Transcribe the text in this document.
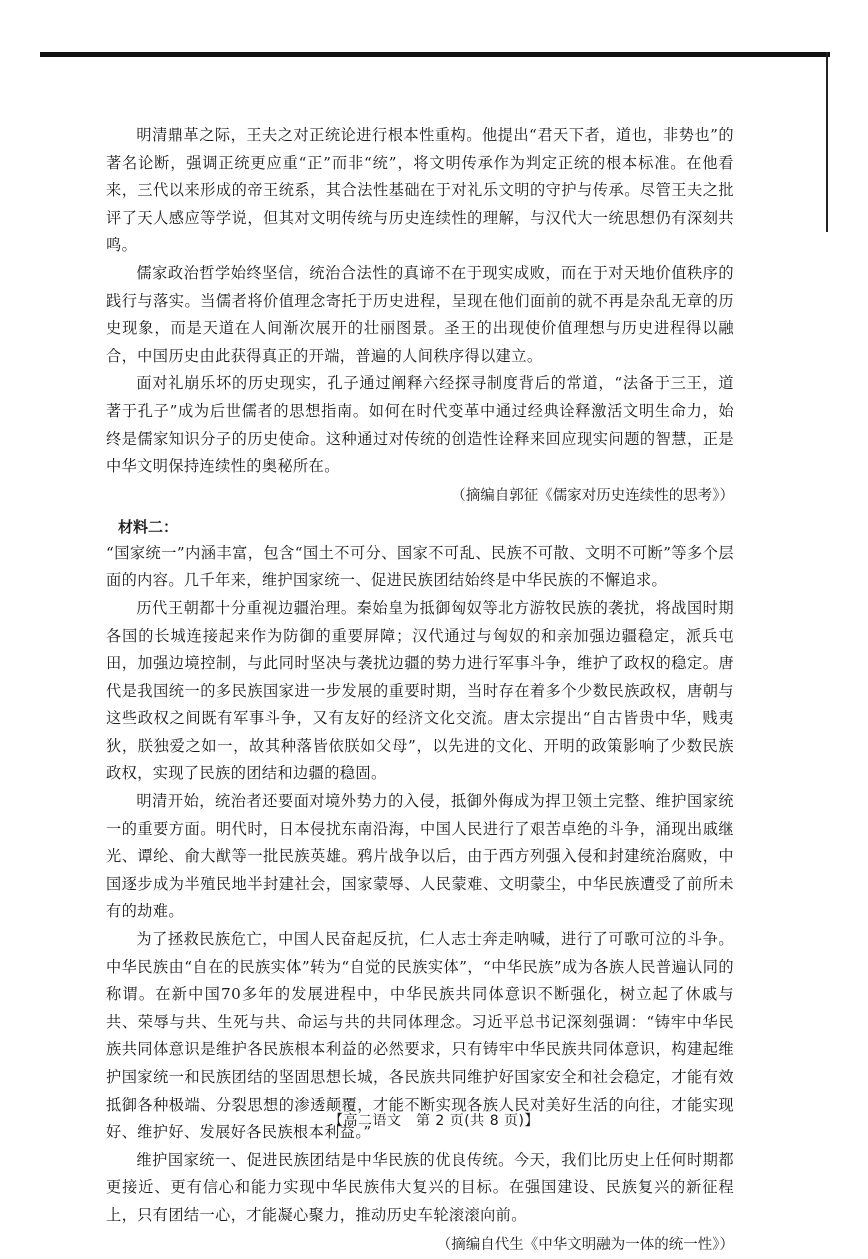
明清鼎革之际，王夫之对正统论进行根本性重构。他提出“君天下者，道也，非势也”的著名论断，强调正统更应重“正”而非“统”，将文明传承作为判定正统的根本标准。在他看来，三代以来形成的帝王统系，其合法性基础在于对礼乐文明的守护与传承。尽管王夫之批评了天人感应等学说，但其对文明传统与历史连续性的理解，与汉代大一统思想仍有深刻共鸣。

儒家政治哲学始终坚信，统治合法性的真谛不在于现实成败，而在于对天地价值秩序的践行与落实。当儒者将价值理念寄托于历史进程，呈现在他们面前的就不再是杂乱无章的历史现象，而是天道在人间渐次展开的壮丽图景。圣王的出现使价值理想与历史进程得以融合，中国历史由此获得真正的开端，普遍的人间秩序得以建立。

面对礼崩乐坏的历史现实，孔子通过阐释六经探寻制度背后的常道，“法备于三王，道著于孔子”成为后世儒者的思想指南。如何在时代变革中通过经典诠释激活文明生命力，始终是儒家知识分子的历史使命。这种通过对传统的创造性诠释来回应现实问题的智慧，正是中华文明保持连续性的奥秘所在。

（摘编自郭征《儒家对历史连续性的思考》）
材料二：

“国家统一”内涵丰富，包含“国土不可分、国家不可乱、民族不可散、文明不可断”等多个层面的内容。几千年来，维护国家统一、促进民族团结始终是中华民族的不懈追求。

历代王朝都十分重视边疆治理。秦始皇为抵御匈奴等北方游牧民族的袭扰，将战国时期各国的长城连接起来作为防御的重要屏障；汉代通过与匈奴的和亲加强边疆稳定，派兵屯田，加强边境控制，与此同时坚决与袭扰边疆的势力进行军事斗争，维护了政权的稳定。唐代是我国统一的多民族国家进一步发展的重要时期，当时存在着多个少数民族政权，唐朝与这些政权之间既有军事斗争，又有友好的经济文化交流。唐太宗提出“自古皆贵中华，贱夷狄，朕独爱之如一，故其种落皆依朕如父母”，以先进的文化、开明的政策影响了少数民族政权，实现了民族的团结和边疆的稳固。

明清开始，统治者还要面对境外势力的入侵，抵御外侮成为捍卫领土完整、维护国家统一的重要方面。明代时，日本侵扰东南沿海，中国人民进行了艰苦卓绝的斗争，涌现出戚继光、谭纶、俞大猷等一批民族英雄。鸦片战争以后，由于西方列强入侵和封建统治腐败，中国逐步成为半殖民地半封建社会，国家蒙辱、人民蒙难、文明蒙尘，中华民族遭受了前所未有的劫难。

为了拯救民族危亡，中国人民奋起反抗，仁人志士奔走呐喊，进行了可歌可泣的斗争。中华民族由“自在的民族实体”转为“自觉的民族实体”，“中华民族”成为各族人民普遍认同的称谓。在新中国70多年的发展进程中，中华民族共同体意识不断强化，树立起了休戚与共、荣辱与共、生死与共、命运与共的共同体理念。习近平总书记深刻强调：“铸牢中华民族共同体意识是维护各民族根本利益的必然要求，只有铸牢中华民族共同体意识，构建起维护国家统一和民族团结的坚固思想长城，各民族共同维护好国家安全和社会稳定，才能有效抵御各种极端、分裂思想的渗透颠覆，才能不断实现各族人民对美好生活的向往，才能实现好、维护好、发展好各民族根本利益。”

维护国家统一、促进民族团结是中华民族的优良传统。今天，我们比历史上任何时期都更接近、更有信心和能力实现中华民族伟大复兴的目标。在强国建设、民族复兴的新征程上，只有团结一心，才能凝心聚力，推动历史车轮滚滚向前。

（摘编自代生《中华文明融为一体的统一性》）
【高二语文　第 2 页(共 8 页)】
